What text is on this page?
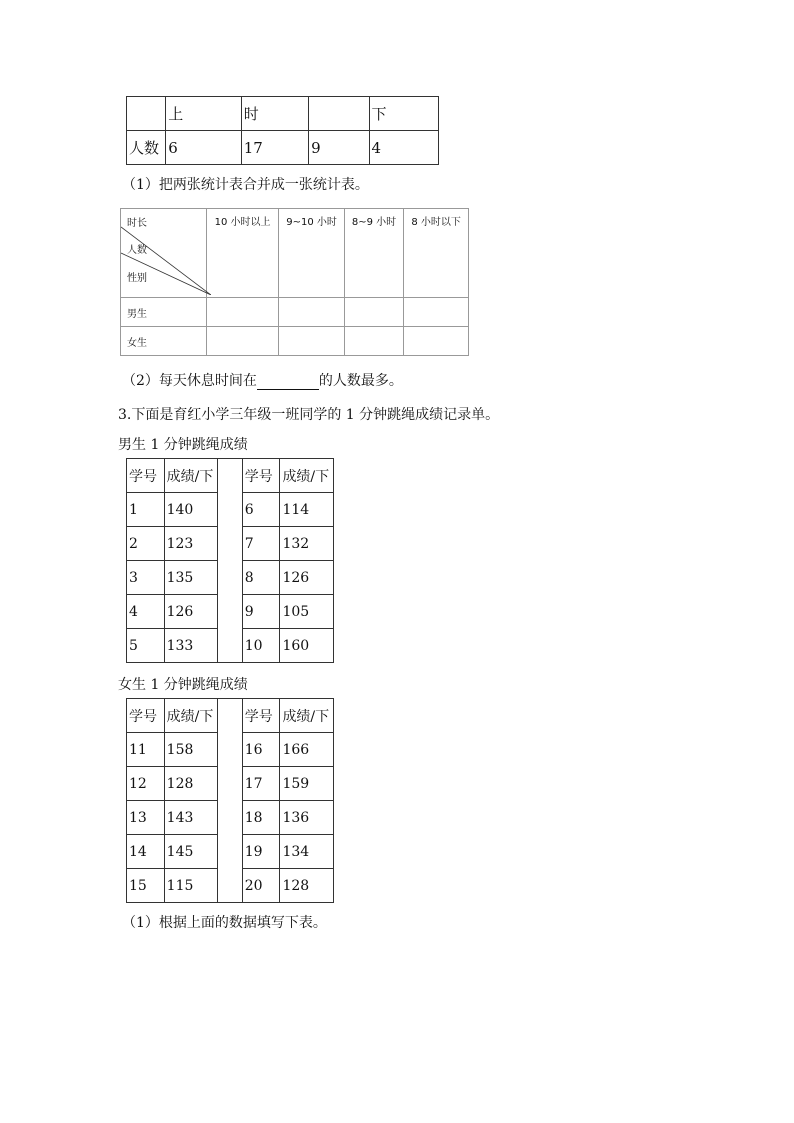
	上	时		下
人数	6	17	9	4
（1）把两张统计表合并成一张统计表。
时长
人数
性别	10 小时以上	9~10 小时	8~9 小时	8 小时以下
男生				
女生				
（2）每天休息时间在	的人数最多。
3.下面是育红小学三年级一班同学的 1 分钟跳绳成绩记录单。
男生 1 分钟跳绳成绩
学号	成绩/下		学号	成绩/下
1	140		6	114
2	123		7	132
3	135		8	126
4	126		9	105
5	133		10	160
女生 1 分钟跳绳成绩
学号	成绩/下		学号	成绩/下
11	158		16	166
12	128		17	159
13	143		18	136
14	145		19	134
15	115		20	128
（1）根据上面的数据填写下表。
